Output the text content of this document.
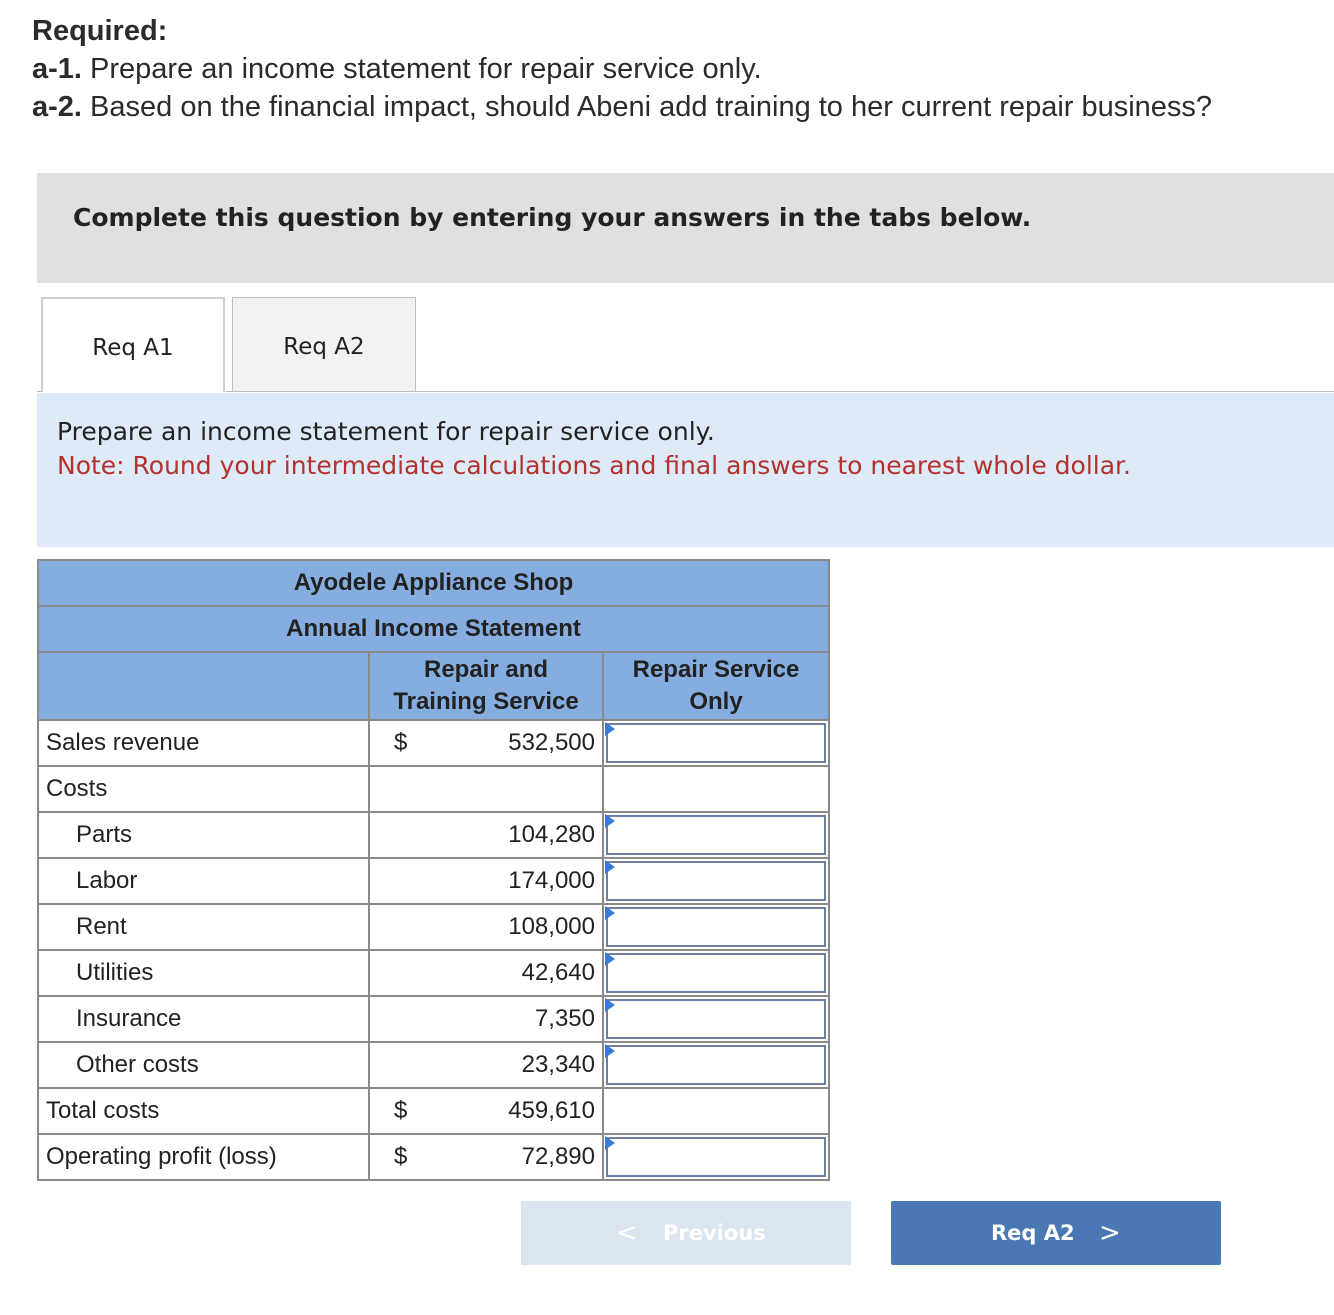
Required:
a-1. Prepare an income statement for repair service only.
a-2. Based on the financial impact, should Abeni add training to her current repair business?
Complete this question by entering your answers in the tabs below.
Req A1	Req A2
Prepare an income statement for repair service only.
Note: Round your intermediate calculations and final answers to nearest whole dollar.
Ayodele Appliance Shop		
Annual Income Statement		
	Repair and Training Service	Repair Service Only
Sales revenue	$ 532,500	

Costs		
Parts	104,280	

Labor	174,000	

Rent	108,000	

Utilities	42,640	

Insurance	7,350	

Other costs	23,340	

Total costs	$ 459,610	

Operating profit (loss)	$ 72,890	

< Previous	Req A2 >
